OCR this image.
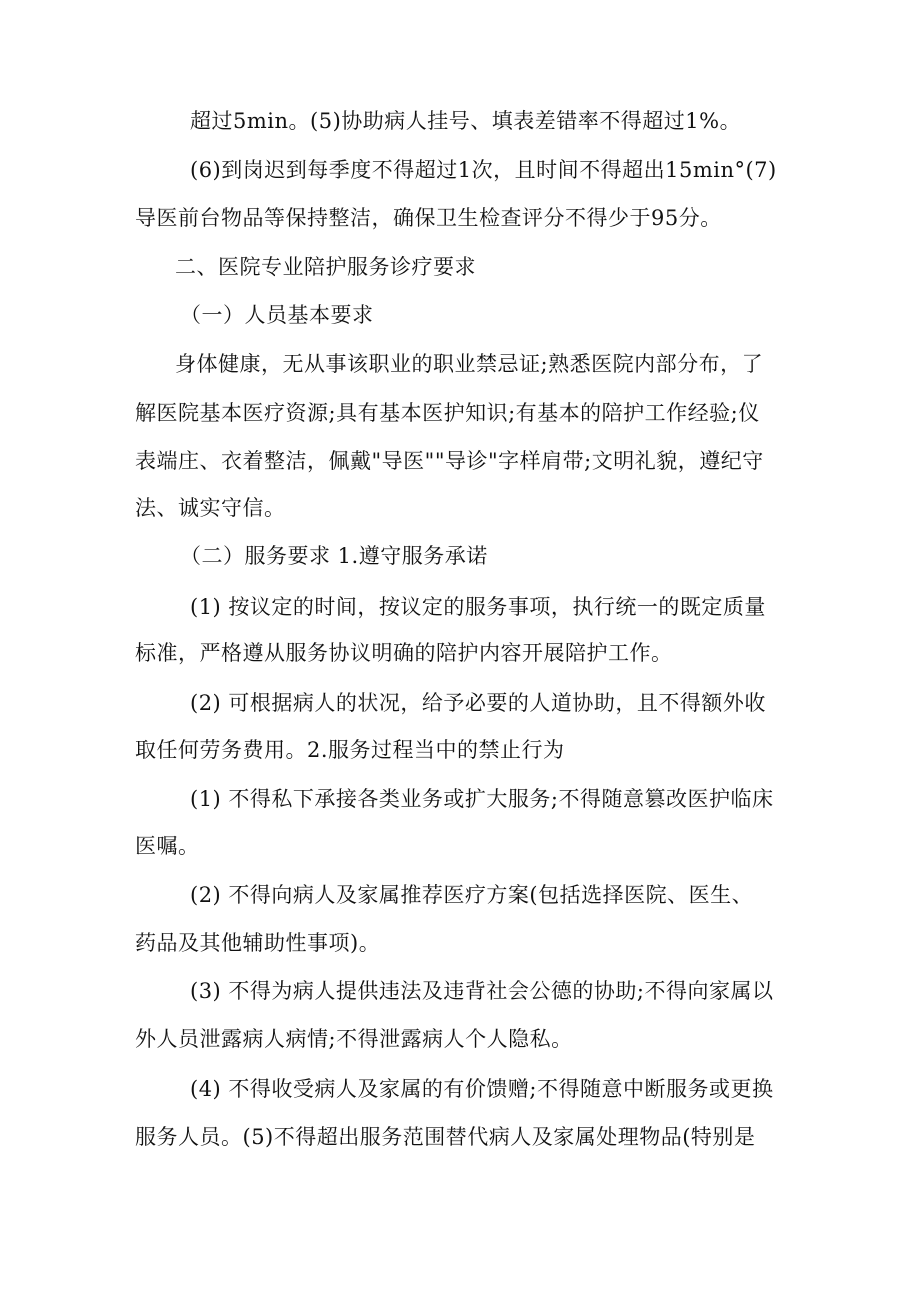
超过5min。(5)协助病人挂号、填表差错率不得超过1%。
(6)到岗迟到每季度不得超过1次，且时间不得超出15min°(7)
导医前台物品等保持整洁，确保卫生检查评分不得少于95分。
二、医院专业陪护服务诊疗要求
（一）人员基本要求
身体健康，无从事该职业的职业禁忌证;熟悉医院内部分布，了
解医院基本医疗资源;具有基本医护知识;有基本的陪护工作经验;仪
表端庄、衣着整洁，佩戴"导医""导诊"字样肩带;文明礼貌，遵纪守
法、诚实守信。
（二）服务要求 1.遵守服务承诺
(1) 按议定的时间，按议定的服务事项，执行统一的既定质量
标准，严格遵从服务协议明确的陪护内容开展陪护工作。
(2) 可根据病人的状况，给予必要的人道协助，且不得额外收
取任何劳务费用。2.服务过程当中的禁止行为
(1) 不得私下承接各类业务或扩大服务;不得随意篡改医护临床
医嘱。
(2) 不得向病人及家属推荐医疗方案(包括选择医院、医生、
药品及其他辅助性事项)。
(3) 不得为病人提供违法及违背社会公德的协助;不得向家属以
外人员泄露病人病情;不得泄露病人个人隐私。
(4) 不得收受病人及家属的有价馈赠;不得随意中断服务或更换
服务人员。(5)不得超出服务范围替代病人及家属处理物品(特别是
